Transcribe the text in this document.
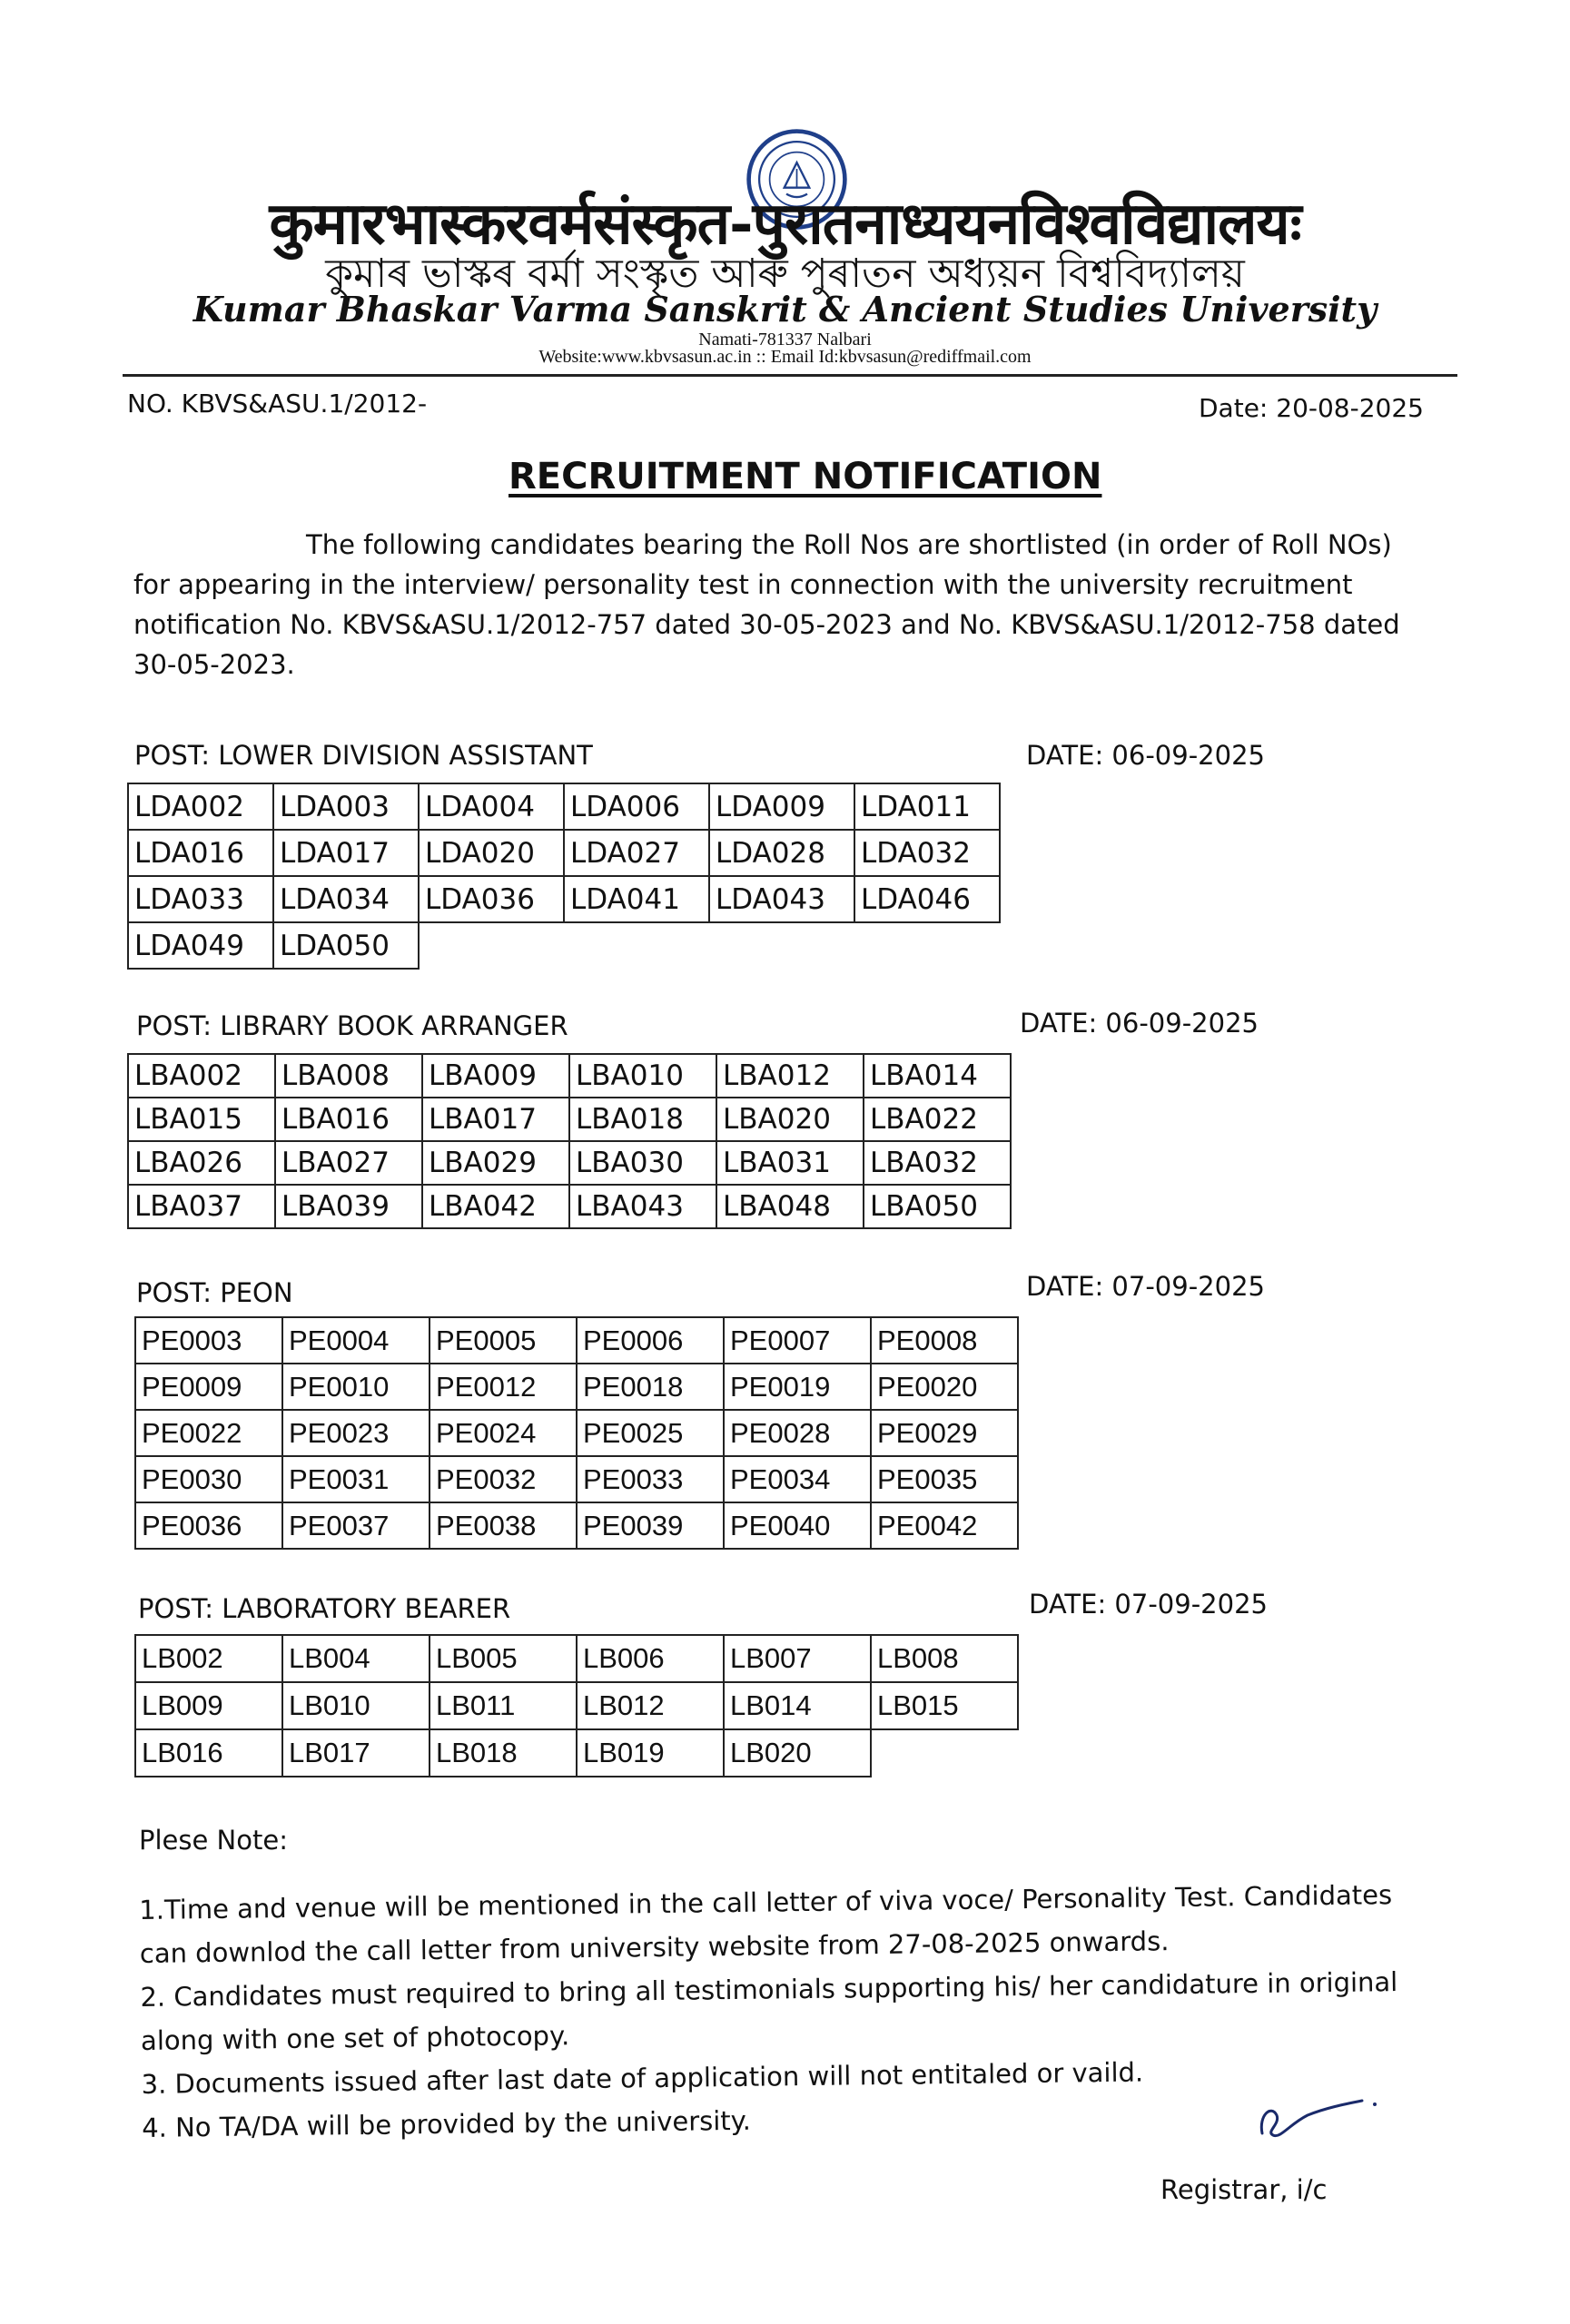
कुमारभास्करवर्मसंस्कृत-पुरातनाध्ययनविश्वविद्यालयः
কুমাৰ ভাস্কৰ বৰ্মা সংস্কৃত আৰু পুৰাতন অধ্যয়ন বিশ্ববিদ্যালয়
Kumar Bhaskar Varma Sanskrit & Ancient Studies University
Namati-781337 Nalbari
Website:www.kbvsasun.ac.in :: Email Id:kbvsasun@rediffmail.com
NO. KBVS&ASU.1/2012-	Date: 20-08-2025
RECRUITMENT NOTIFICATION
The following candidates bearing the Roll Nos are shortlisted (in order of Roll NOs) for appearing in the interview/ personality test in connection with the university recruitment notification No. KBVS&ASU.1/2012-757 dated 30-05-2023 and No. KBVS&ASU.1/2012-758 dated 30-05-2023.
POST: LOWER DIVISION ASSISTANT	DATE: 06-09-2025
LDA002	LDA003	LDA004	LDA006	LDA009	LDA011
LDA016	LDA017	LDA020	LDA027	LDA028	LDA032
LDA033	LDA034	LDA036	LDA041	LDA043	LDA046
LDA049	LDA050				
POST: LIBRARY BOOK ARRANGER	DATE: 06-09-2025
LBA002	LBA008	LBA009	LBA010	LBA012	LBA014
LBA015	LBA016	LBA017	LBA018	LBA020	LBA022
LBA026	LBA027	LBA029	LBA030	LBA031	LBA032
LBA037	LBA039	LBA042	LBA043	LBA048	LBA050
POST: PEON	DATE: 07-09-2025
PE0003	PE0004	PE0005	PE0006	PE0007	PE0008
PE0009	PE0010	PE0012	PE0018	PE0019	PE0020
PE0022	PE0023	PE0024	PE0025	PE0028	PE0029
PE0030	PE0031	PE0032	PE0033	PE0034	PE0035
PE0036	PE0037	PE0038	PE0039	PE0040	PE0042
POST: LABORATORY BEARER	DATE: 07-09-2025
LB002	LB004	LB005	LB006	LB007	LB008
LB009	LB010	LB011	LB012	LB014	LB015
LB016	LB017	LB018	LB019	LB020	
Plese Note:

1.Time and venue will be mentioned in the call letter of viva voce/ Personality Test. Candidates can downlod the call letter from university website from 27-08-2025 onwards.

2. Candidates must required to bring all testimonials supporting his/ her candidature in original along with one set of photocopy.

3. Documents issued after last date of application will not entitaled or vaild.

4. No TA/DA will be provided by the university.

Registrar, i/c
